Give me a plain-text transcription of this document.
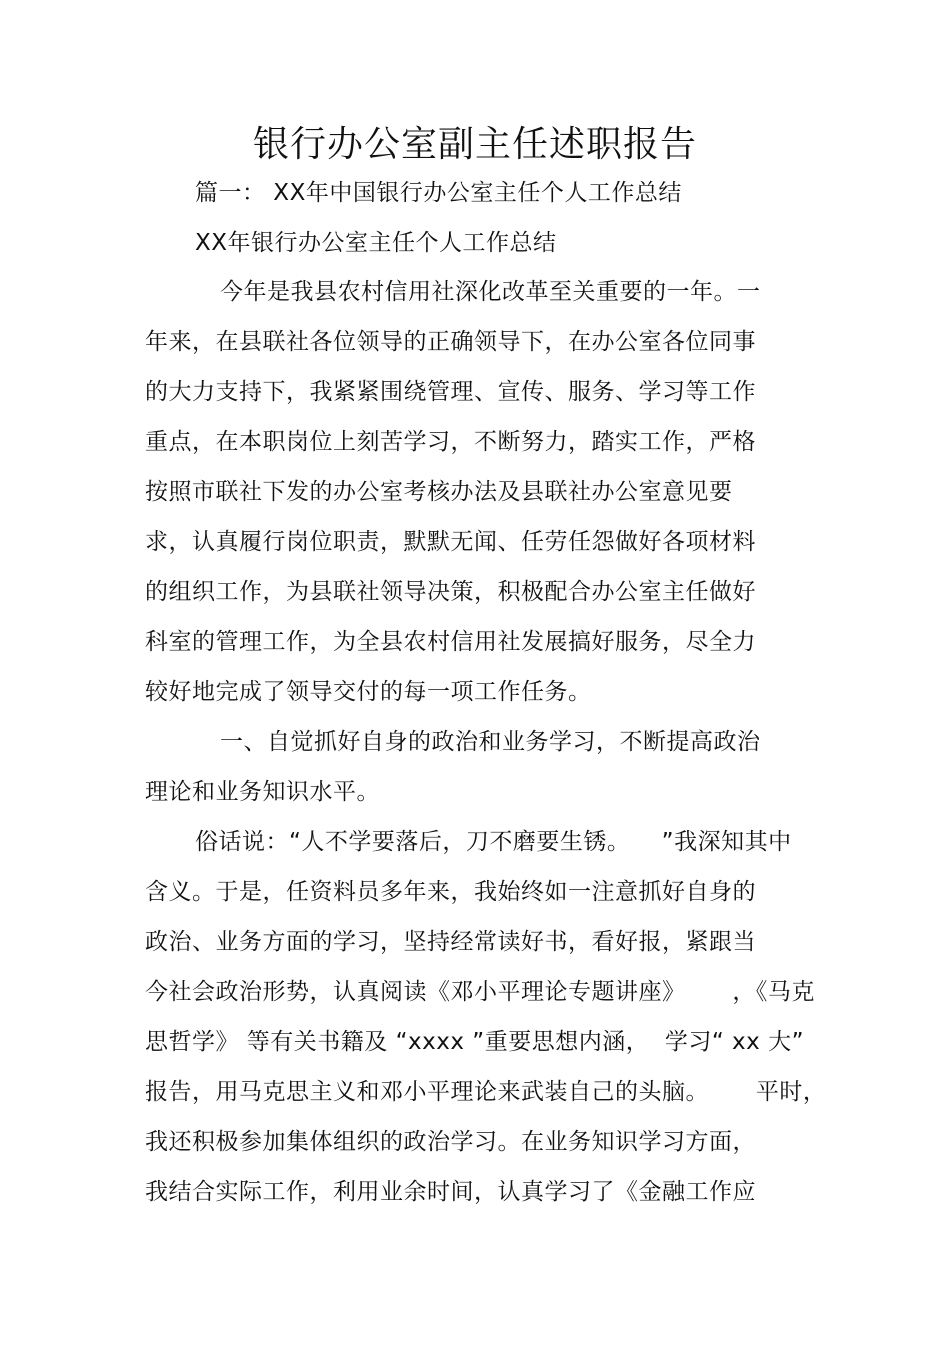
银行办公室副主任述职报告
篇一： XX年中国银行办公室主任个人工作总结
XX年银行办公室主任个人工作总结
今年是我县农村信用社深化改革至关重要的一年。一
年来，在县联社各位领导的正确领导下，在办公室各位同事
的大力支持下，我紧紧围绕管理、宣传、服务、学习等工作
重点，在本职岗位上刻苦学习，不断努力，踏实工作，严格
按照市联社下发的办公室考核办法及县联社办公室意见要
求，认真履行岗位职责，默默无闻、任劳任怨做好各项材料
的组织工作，为县联社领导决策，积极配合办公室主任做好
科室的管理工作，为全县农村信用社发展搞好服务，尽全力
较好地完成了领导交付的每一项工作任务。
一、自觉抓好自身的政治和业务学习，不断提高政治
理论和业务知识水平。
俗话说：“人不学要落后，刀不磨要生锈。    ”我深知其中
含义。于是，任资料员多年来，我始终如一注意抓好自身的
政治、业务方面的学习，坚持经常读好书，看好报，紧跟当
今社会政治形势，认真阅读《邓小平理论专题讲座》      ，《马克
思哲学》 等有关书籍及 “xxxx ”重要思想内涵，  学习“ xx 大”
报告，用马克思主义和邓小平理论来武装自己的头脑。      平时，
我还积极参加集体组织的政治学习。在业务知识学习方面，
我结合实际工作，利用业余时间，认真学习了《金融工作应
